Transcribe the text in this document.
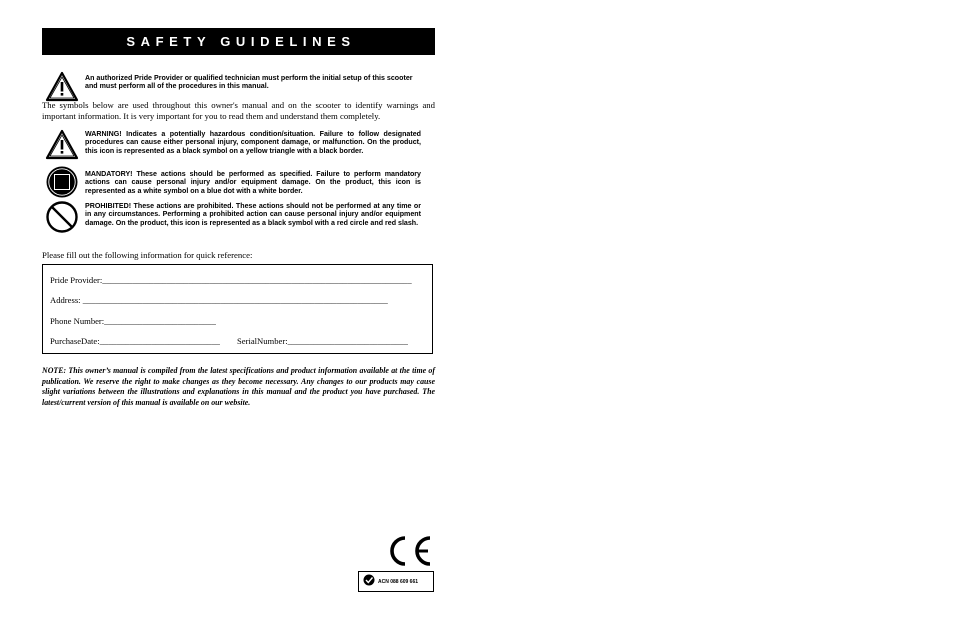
SAFETY GUIDELINES
An authorized Pride Provider or qualified technician must perform the initial setup of this scooter and must perform all of the procedures in this manual.
The symbols below are used throughout this owner's manual and on the scooter to identify warnings and important information. It is very important for you to read them and understand them completely.
WARNING! Indicates a potentially hazardous condition/situation. Failure to follow designated procedures can cause either personal injury, component damage, or malfunction. On the product, this icon is represented as a black symbol on a yellow triangle with a black border.
MANDATORY! These actions should be performed as specified. Failure to perform mandatory actions can cause personal injury and/or equipment damage. On the product, this icon is represented as a white symbol on a blue dot with a white border.
PROHIBITED! These actions are prohibited. These actions should not be performed at any time or in any circumstances. Performing a prohibited action can cause personal injury and/or equipment damage. On the product, this icon is represented as a black symbol with a red circle and red slash.
Please fill out the following information for quick reference:
Pride Provider:________________________________________________________________________
Address: _______________________________________________________________________
Phone Number:__________________________
PurchaseDate:____________________________ SerialNumber:____________________________
NOTE: This owner’s manual is compiled from the latest specifications and product information available at the time of publication. We reserve the right to make changes as they become necessary. Any changes to our products may cause slight variations between the illustrations and explanations in this manual and the product you have purchased. The latest/current version of this manual is available on our website.
ACN 088 609 661
